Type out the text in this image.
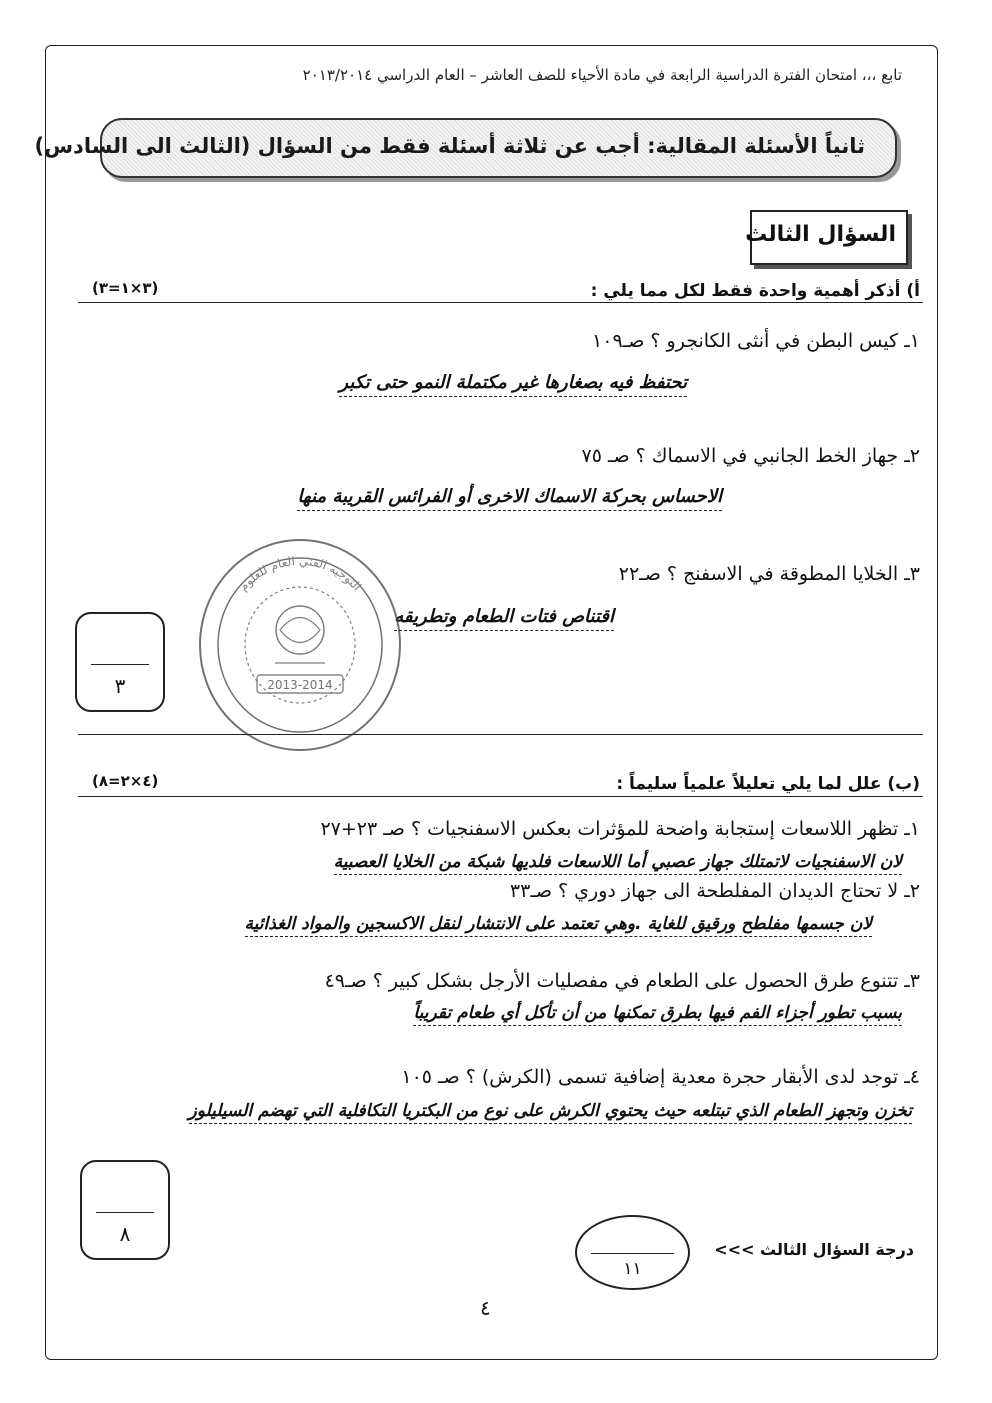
تابع ،،، امتحان الفترة الدراسية الرابعة في مادة الأحياء للصف العاشر – العام الدراسي ٢٠١٣/٢٠١٤
ثانياً الأسئلة المقالية: أجب عن ثلاثة أسئلة فقط من السؤال (الثالث الى السادس)
السؤال الثالث
أ) أذكر أهمية واحدة فقط لكل مما يلي :
(٣×١=٣)
١ـ كيس البطن في أنثى الكانجرو ؟ صـ١٠٩
تحتفظ فيه بصغارها غير مكتملة النمو حتى تكبر
٢ـ جهاز الخط الجانبي في الاسماك ؟ صـ ٧٥
الاحساس بحركة الاسماك الاخرى أو الفرائس القريبة منها
٣ـ الخلايا المطوقة في الاسفنج ؟ صـ٢٢
اقتناص فتات الطعام وتطريقه
2013-2014
التوجيه الفني العام للعلوم
٣
(ب) علل لما يلي تعليلاً علمياً سليماً :
(٤×٢=٨)
١ـ تظهر اللاسعات إستجابة واضحة للمؤثرات بعكس الاسفنجيات ؟ صـ ٢٣+٢٧
لان الاسفنجيات لاتمتلك جهاز عصبي أما اللاسعات فلديها شبكة من الخلايا العصبية
٢ـ لا تحتاج الديدان المفلطحة الى جهاز دوري ؟ صـ٣٣
لان جسمها مفلطح ورقيق للغاية .وهي تعتمد على الانتشار لنقل الاكسجين والمواد الغذائية
٣ـ تتنوع طرق الحصول على الطعام في مفصليات الأرجل بشكل كبير ؟ صـ٤٩
بسبب تطور أجزاء الفم فيها بطرق تمكنها من أن تأكل أي طعام تقريباً
٤ـ توجد لدى الأبقار حجرة معدية إضافية تسمى (الكرش) ؟ صـ ١٠٥
تخزن وتجهز الطعام الذي تبتلعه حيث يحتوي الكرش على نوع من البكتريا التكافلية التي تهضم السيليلوز
٨
١١
درجة السؤال الثالث >>>
٤
